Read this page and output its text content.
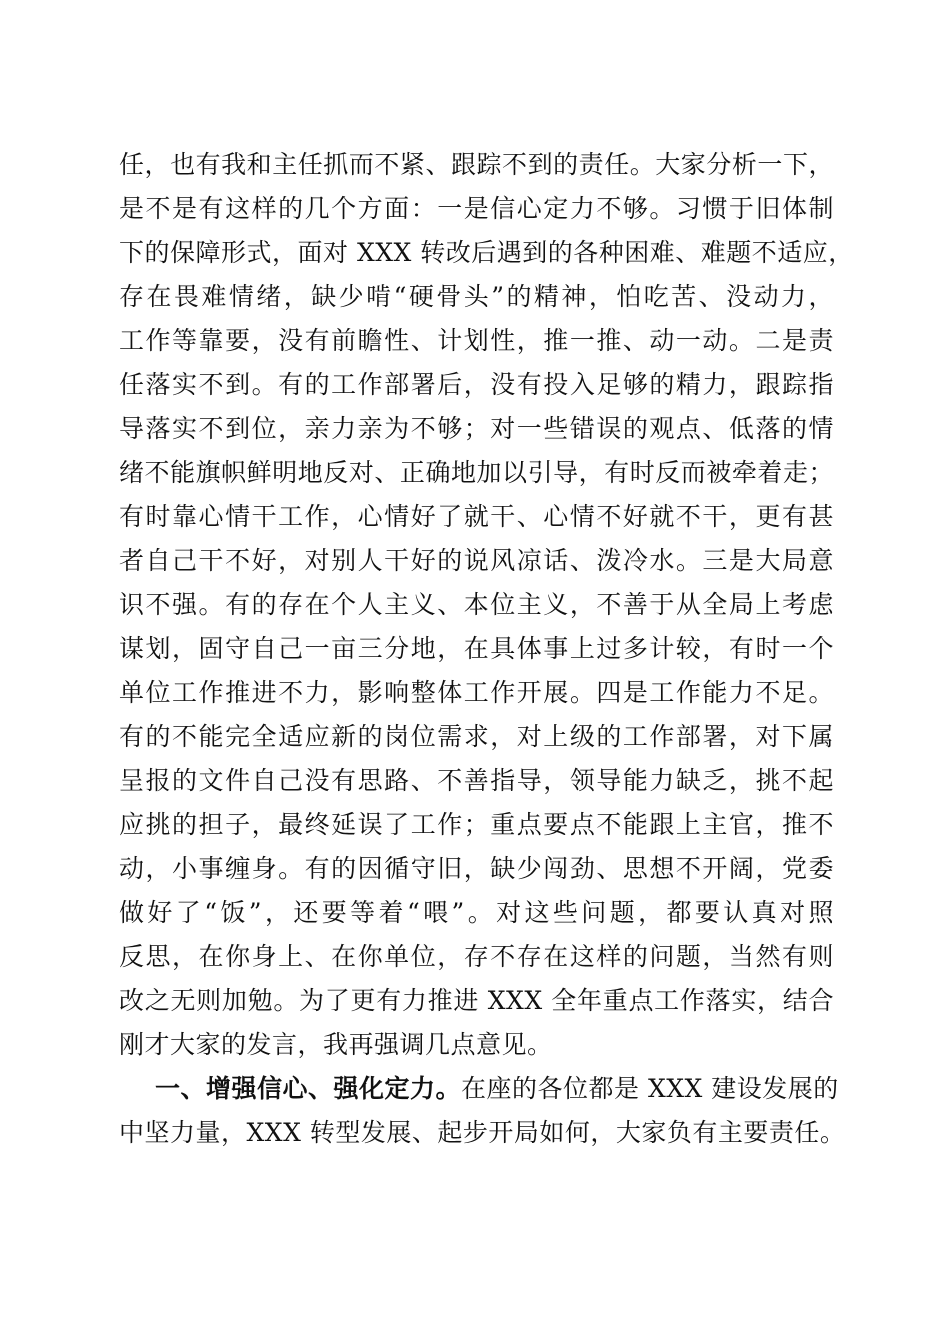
任，也有我和主任抓而不紧、跟踪不到的责任。大家分析一下，
是不是有这样的几个方面：一是信心定力不够。习惯于旧体制
下的保障形式，面对 XXX 转改后遇到的各种困难、难题不适应，
存在畏难情绪，缺少啃“硬骨头”的精神，怕吃苦、没动力，
工作等靠要，没有前瞻性、计划性，推一推、动一动。二是责
任落实不到。有的工作部署后，没有投入足够的精力，跟踪指
导落实不到位，亲力亲为不够；对一些错误的观点、低落的情
绪不能旗帜鲜明地反对、正确地加以引导，有时反而被牵着走；
有时靠心情干工作，心情好了就干、心情不好就不干，更有甚
者自己干不好，对别人干好的说风凉话、泼冷水。三是大局意
识不强。有的存在个人主义、本位主义，不善于从全局上考虑
谋划，固守自己一亩三分地，在具体事上过多计较，有时一个
单位工作推进不力，影响整体工作开展。四是工作能力不足。
有的不能完全适应新的岗位需求，对上级的工作部署，对下属
呈报的文件自己没有思路、不善指导，领导能力缺乏，挑不起
应挑的担子，最终延误了工作；重点要点不能跟上主官，推不
动，小事缠身。有的因循守旧，缺少闯劲、思想不开阔，党委
做好了“饭”，还要等着“喂”。对这些问题，都要认真对照
反思，在你身上、在你单位，存不存在这样的问题，当然有则
改之无则加勉。为了更有力推进 XXX 全年重点工作落实，结合
刚才大家的发言，我再强调几点意见。
一、增强信心、强化定力。在座的各位都是 XXX 建设发展的
中坚力量，XXX 转型发展、起步开局如何，大家负有主要责任。
